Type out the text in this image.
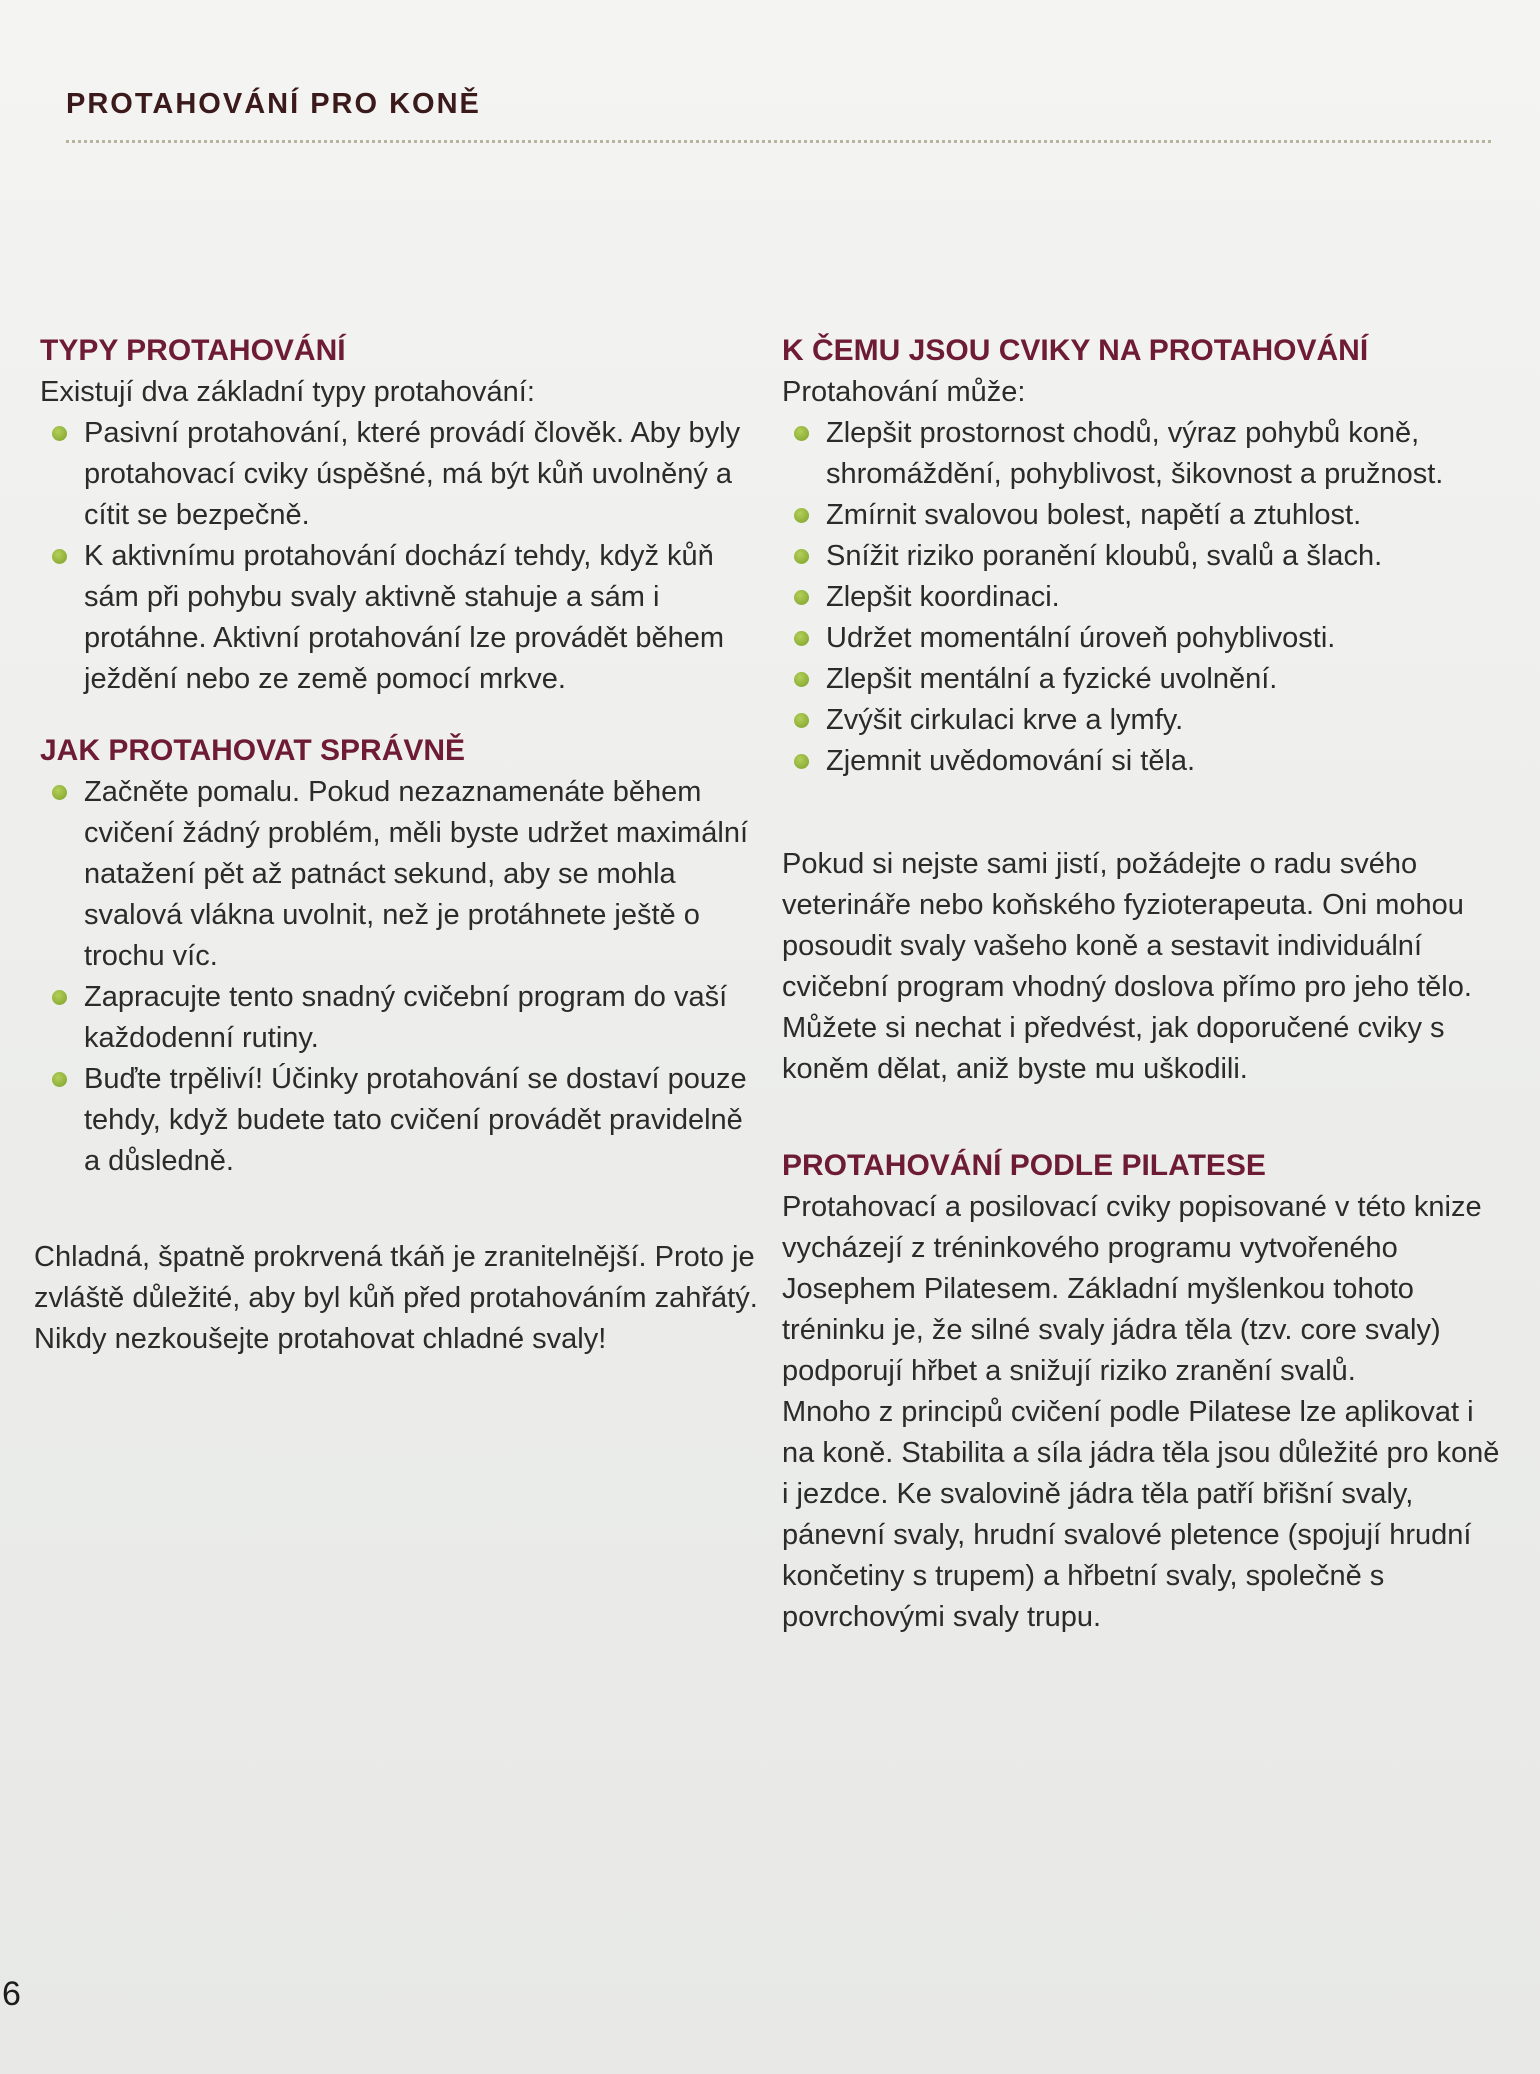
PROTAHOVÁNÍ PRO KONĚ
TYPY PROTAHOVÁNÍ

Existují dva základní typy protahování:

Pasivní protahování, které provádí člověk. Aby byly protahovací cviky úspěšné, má být kůň uvolněný a cítit se bezpečně.
K aktivnímu protahování dochází tehdy, když kůň sám při pohybu svaly aktivně stahuje a sám i protáhne. Aktivní protahování lze provádět během ježdění nebo ze země pomocí mrkve.
JAK PROTAHOVAT SPRÁVNĚ
Začněte pomalu. Pokud nezaznamenáte během cvičení žádný problém, měli byste udržet maximální natažení pět až patnáct sekund, aby se mohla svalová vlákna uvolnit, než je protáhnete ještě o trochu víc.
Zapracujte tento snadný cvičební program do vaší každodenní rutiny.
Buďte trpěliví! Účinky protahování se dostaví pouze tehdy, když budete tato cvičení provádět pravidelně a důsledně.

Chladná, špatně prokrvená tkáň je zranitelnější. Proto je zvláště důležité, aby byl kůň před protahováním zahřátý. Nikdy nezkoušejte protahovat chladné svaly!

K ČEMU JSOU CVIKY NA PROTAHOVÁNÍ

Protahování může:

Zlepšit prostornost chodů, výraz pohybů koně, shromáždění, pohyblivost, šikovnost a pružnost.
Zmírnit svalovou bolest, napětí a ztuhlost.
Snížit riziko poranění kloubů, svalů a šlach.
Zlepšit koordinaci.
Udržet momentální úroveň pohyblivosti.
Zlepšit mentální a fyzické uvolnění.
Zvýšit cirkulaci krve a lymfy.
Zjemnit uvědomování si těla.

Pokud si nejste sami jistí, požádejte o radu svého veterináře nebo koňského fyzioterapeuta. Oni mohou posoudit svaly vašeho koně a sestavit individuální cvičební program vhodný doslova přímo pro jeho tělo. Můžete si nechat i předvést, jak doporučené cviky s koněm dělat, aniž byste mu uškodili.

PROTAHOVÁNÍ PODLE PILATESE

Protahovací a posilovací cviky popisované v této knize vycházejí z tréninkového programu vytvořeného Josephem Pilatesem. Základní myšlenkou tohoto tréninku je, že silné svaly jádra těla (tzv. core svaly) podporují hřbet a snižují riziko zranění svalů.

Mnoho z principů cvičení podle Pilatese lze aplikovat i na koně. Stabilita a síla jádra těla jsou důležité pro koně i jezdce. Ke svalovině jádra těla patří břišní svaly, pánevní svaly, hrudní svalové pletence (spojují hrudní končetiny s trupem) a hřbetní svaly, společně s povrchovými svaly trupu.

6
